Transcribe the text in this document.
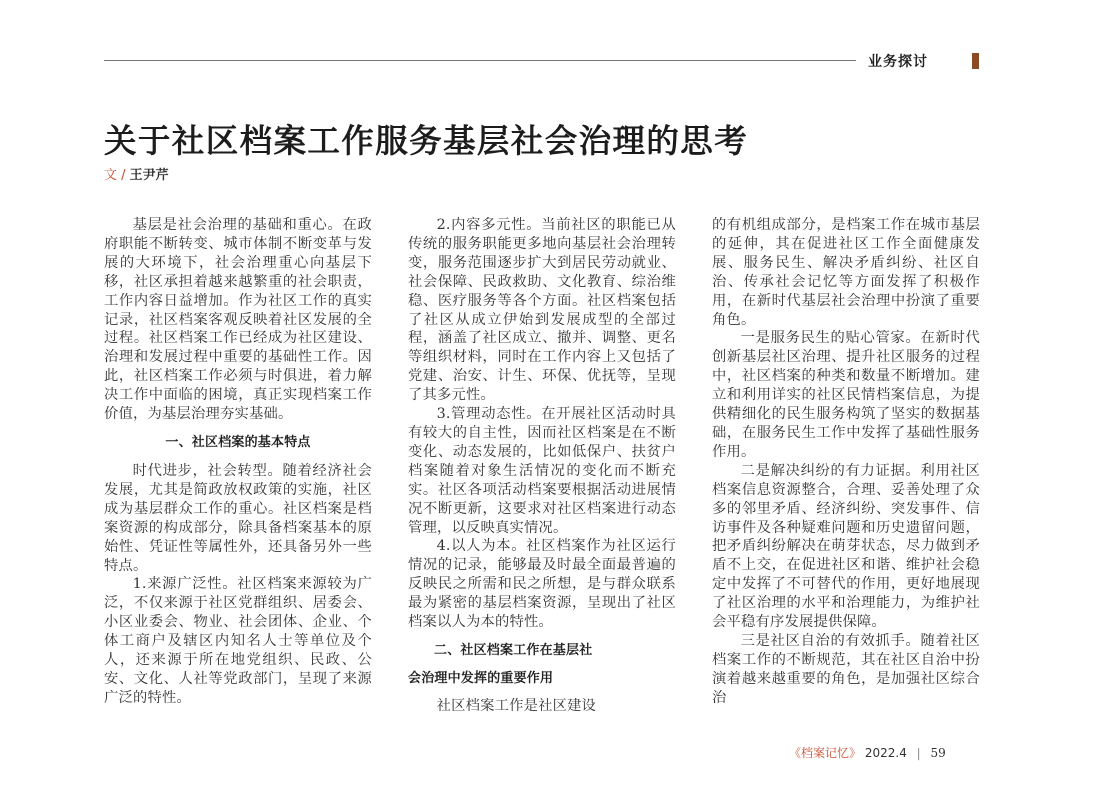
业务探讨
关于社区档案工作服务基层社会治理的思考
文 / 王尹芹

基层是社会治理的基础和重心。在政府职能不断转变、城市体制不断变革与发展的大环境下，社会治理重心向基层下移，社区承担着越来越繁重的社会职责，工作内容日益增加。作为社区工作的真实记录，社区档案客观反映着社区发展的全过程。社区档案工作已经成为社区建设、治理和发展过程中重要的基础性工作。因此，社区档案工作必须与时俱进，着力解决工作中面临的困境，真正实现档案工作价值，为基层治理夯实基础。

一、社区档案的基本特点

时代进步，社会转型。随着经济社会发展，尤其是简政放权政策的实施，社区成为基层群众工作的重心。社区档案是档案资源的构成部分，除具备档案基本的原始性、凭证性等属性外，还具备另外一些特点。

1.来源广泛性。社区档案来源较为广泛，不仅来源于社区党群组织、居委会、小区业委会、物业、社会团体、企业、个体工商户及辖区内知名人士等单位及个人，还来源于所在地党组织、民政、公安、文化、人社等党政部门，呈现了来源广泛的特性。

2.内容多元性。当前社区的职能已从传统的服务职能更多地向基层社会治理转变，服务范围逐步扩大到居民劳动就业、社会保障、民政救助、文化教育、综治维稳、医疗服务等各个方面。社区档案包括了社区从成立伊始到发展成型的全部过程，涵盖了社区成立、撤并、调整、更名等组织材料，同时在工作内容上又包括了党建、治安、计生、环保、优抚等，呈现了其多元性。

3.管理动态性。在开展社区活动时具有较大的自主性，因而社区档案是在不断变化、动态发展的，比如低保户、扶贫户档案随着对象生活情况的变化而不断充实。社区各项活动档案要根据活动进展情况不断更新，这要求对社区档案进行动态管理，以反映真实情况。

4.以人为本。社区档案作为社区运行情况的记录，能够最及时最全面最普遍的反映民之所需和民之所想，是与群众联系最为紧密的基层档案资源，呈现出了社区档案以人为本的特性。

二、社区档案工作在基层社
会治理中发挥的重要作用

社区档案工作是社区建设

的有机组成部分，是档案工作在城市基层的延伸，其在促进社区工作全面健康发展、服务民生、解决矛盾纠纷、社区自治、传承社会记忆等方面发挥了积极作用，在新时代基层社会治理中扮演了重要角色。

一是服务民生的贴心管家。在新时代创新基层社区治理、提升社区服务的过程中，社区档案的种类和数量不断增加。建立和利用详实的社区民情档案信息，为提供精细化的民生服务构筑了坚实的数据基础，在服务民生工作中发挥了基础性服务作用。

二是解决纠纷的有力证据。利用社区档案信息资源整合，合理、妥善处理了众多的邻里矛盾、经济纠纷、突发事件、信访事件及各种疑难问题和历史遗留问题，把矛盾纠纷解决在萌芽状态，尽力做到矛盾不上交，在促进社区和谐、维护社会稳定中发挥了不可替代的作用，更好地展现了社区治理的水平和治理能力，为维护社会平稳有序发展提供保障。

三是社区自治的有效抓手。随着社区档案工作的不断规范，其在社区自治中扮演着越来越重要的角色，是加强社区综合治

《档案记忆》 2022.4 | 59
